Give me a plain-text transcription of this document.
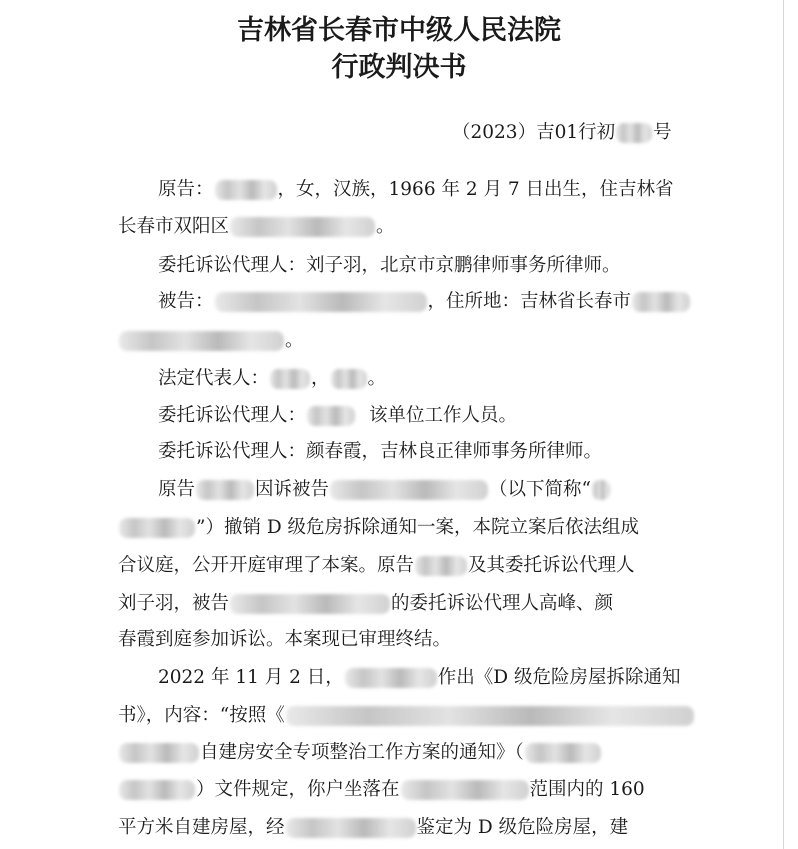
吉林省长春市中级人民法院
行政判决书
（2023）吉01行初 号
原告：	，女，汉族，1966 年 2 月 7 日出生，住吉林省
长春市双阳区	。
委托诉讼代理人：刘子羽，北京市京鹏律师事务所律师。
被告：	，住所地：吉林省长春市
。
法定代表人： ， 。
委托诉讼代理人：	该单位工作人员。
委托诉讼代理人：颜春霞，吉林良正律师事务所律师。
原告	因诉被告	（以下简称“
”）撤销 D 级危房拆除通知一案，本院立案后依法组成
合议庭，公开开庭审理了本案。原告	及其委托诉讼代理人
刘子羽，被告	的委托诉讼代理人高峰、颜
春霞到庭参加诉讼。本案现已审理终结。
2022 年 11 月 2 日，	作出《D 级危险房屋拆除通知
书》，内容：“按照《
自建房安全专项整治工作方案的通知》（
）文件规定，你户坐落在	范围内的 160
平方米自建房屋，经	鉴定为 D 级危险房屋，建
